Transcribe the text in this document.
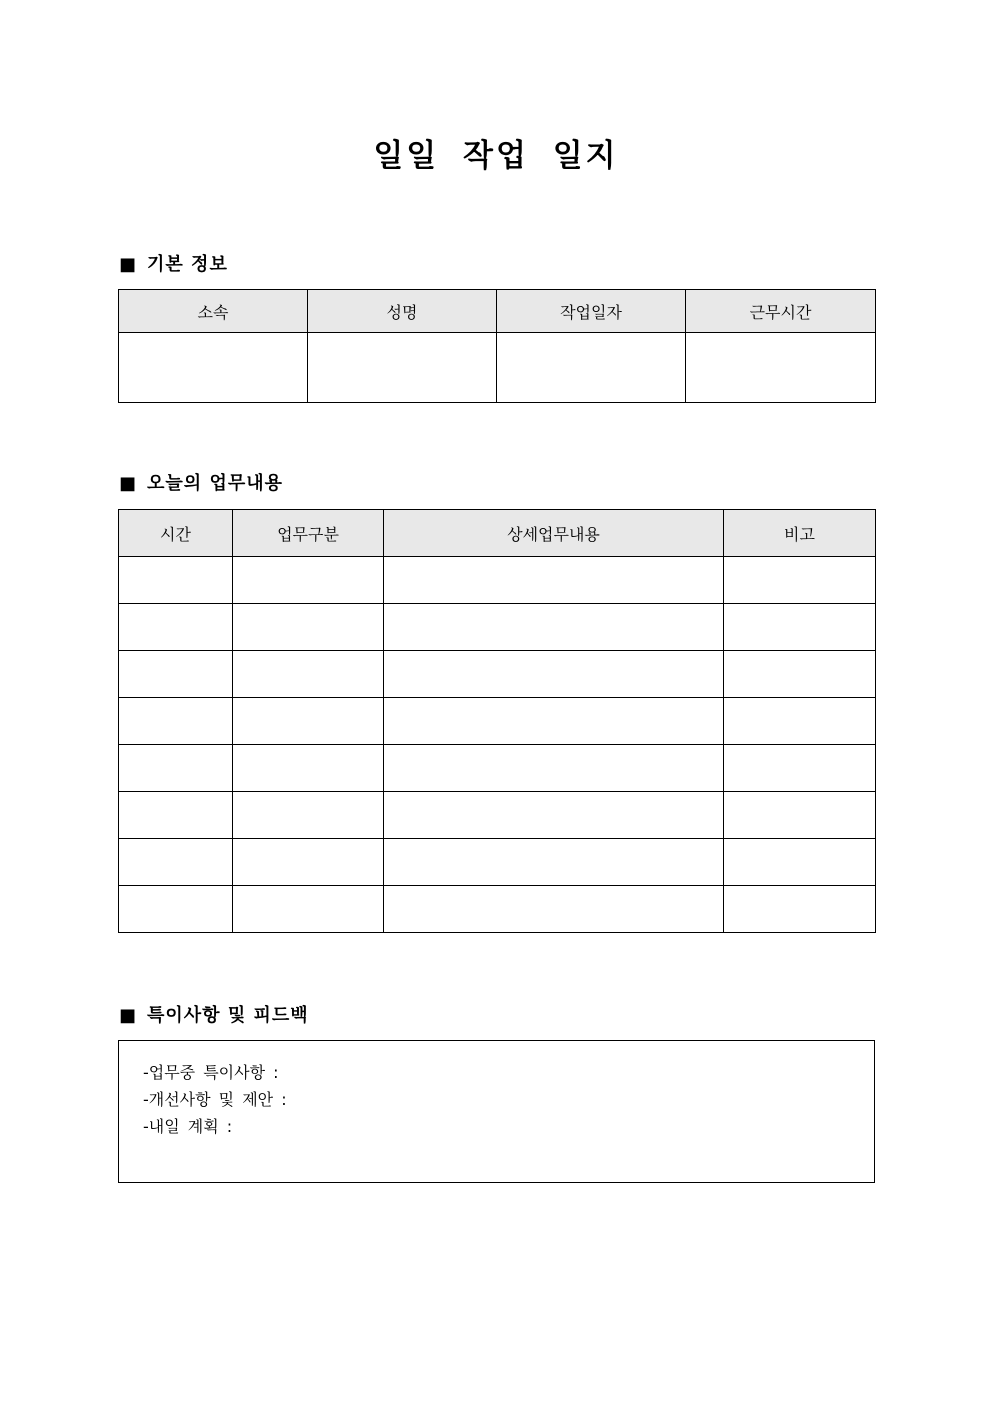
일일 작업 일지
■ 기본 정보
소속	성명	작업일자	근무시간

■ 오늘의 업무내용
시간	업무구분	상세업무내용	비고

■ 특이사항 및 피드백
-업무중 특이사항 :
-개선사항 및 제안 :
-내일 계획 :
